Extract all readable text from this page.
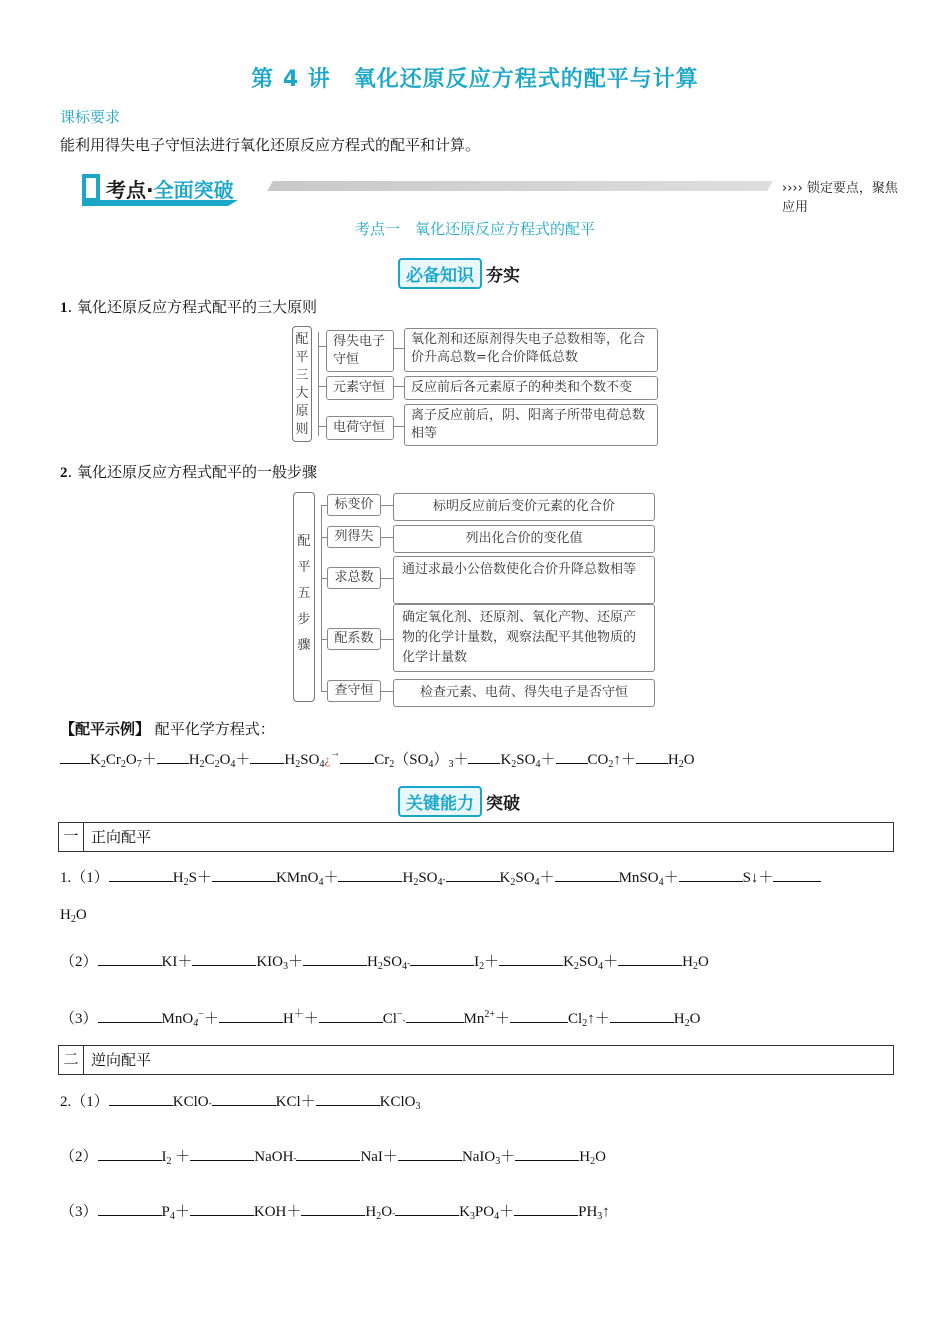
第 4 讲　氧化还原反应方程式的配平与计算
课标要求
能利用得失电子守恒法进行氧化还原反应方程式的配平和计算。
考点·全面突破	›››› 锁定要点，聚焦应用
考点一　氧化还原反应方程式的配平
必备知识 夯实
1. 氧化还原反应方程式配平的三大原则
配
平
三
大
原
则
得失电子守恒
元素守恒
电荷守恒
氧化剂和还原剂得失电子总数相等，化合价升高总数=化合价降低总数
反应前后各元素原子的种类和个数不变
离子反应前后，阴、阳离子所带电荷总数相等
2. 氧化还原反应方程式配平的一般步骤
配
平
五
步
骤
标变价
列得失
求总数
配系数
查守恒
标明反应前后变价元素的化合价
列出化合价的变化值
通过求最小公倍数使化合价升降总数相等
确定氧化剂、还原剂、氧化产物、还原产物的化学计量数，观察法配平其他物质的化学计量数
检查元素、电荷、得失电子是否守恒
【配平示例】 配平化学方程式：
$K_2Cr_2O_7+ H_2C_2O_4+$ $H_2SO_4¿^\to$ $Cr_2(SO_4)_3+ K_2SO_4+$ $CO_2↑+ H_2O$
关键能力 突破
一 正向配平
1.（1）	$H_2S+$	KMnO$_4$＋	$H_2SO_4-$	$K_2SO_4+$	MnSO$_4$＋	S↓＋
$H_2O$
（2）	KI＋	$KIO_3+$	$H_2SO_4-$	$I_2+$	$K_2SO_4+$	$H_2O$
（3）	MnO$_4$−＋	H＋＋	Cl−-	$Mn^{2+}+$	$Cl_2↑+$	$H_2O$
二 逆向配平
2.（1）	KClO-	KCl＋	KClO$_3$
（2）	$I_2$ ＋	NaOH-	NaI＋	NaIO$_3$＋	$H_2O$
（3）	$P_4+$	KOH＋	$H_2O-$	$K_3PO_4+$	$PH_3↑$
